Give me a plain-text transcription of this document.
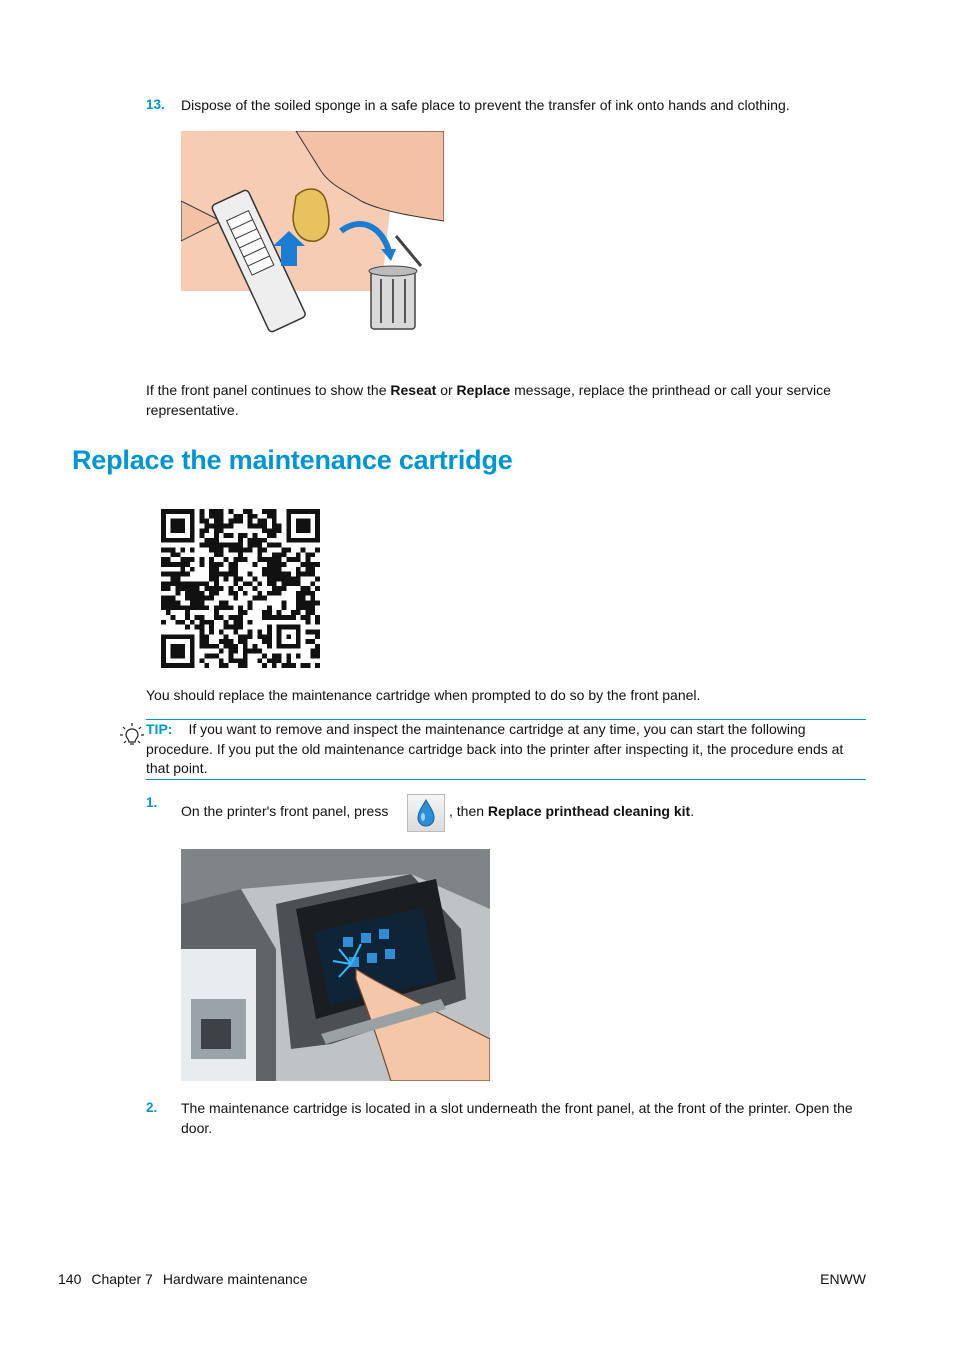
13. Dispose of the soiled sponge in a safe place to prevent the transfer of ink onto hands and clothing.
If the front panel continues to show the Reseat or Replace message, replace the printhead or call your service representative.
Replace the maintenance cartridge
You should replace the maintenance cartridge when prompted to do so by the front panel.
TIP: If you want to remove and inspect the maintenance cartridge at any time, you can start the following procedure. If you put the old maintenance cartridge back into the printer after inspecting it, the procedure ends at that point.
1.
On the printer's front panel, press	, then Replace printhead cleaning kit.
2. The maintenance cartridge is located in a slot underneath the front panel, at the front of the printer. Open the door.
140 Chapter 7 Hardware maintenance	ENWW
